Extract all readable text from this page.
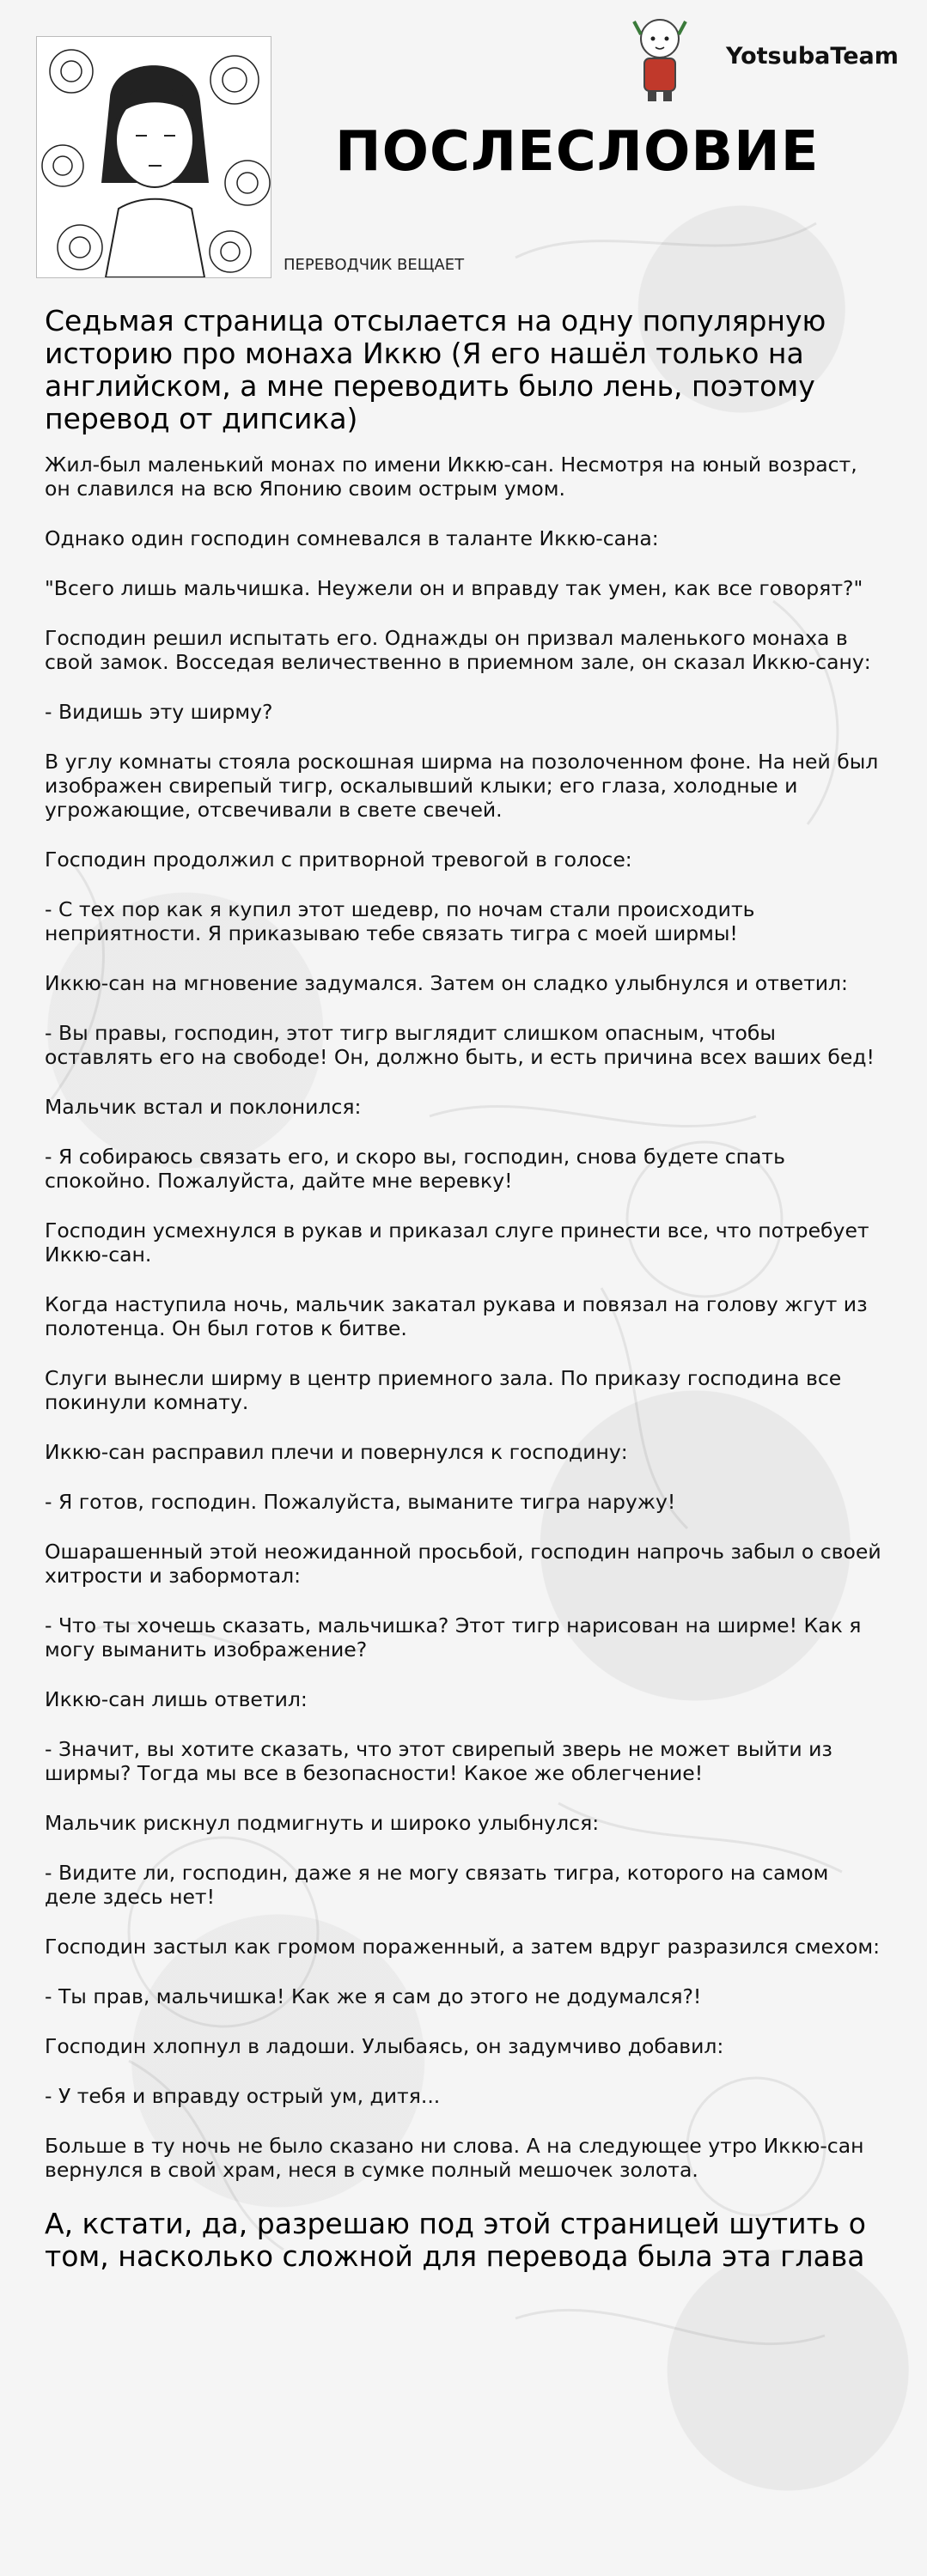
YotsubaTeam
ПОСЛЕСЛОВИЕ
ПЕРЕВОДЧИК ВЕЩАЕТ

Седьмая страница отсылается на одну популярную историю про монаха Иккю (Я его нашёл только на английском, а мне переводить было лень, поэтому перевод от дипсика)

Жил-был маленький монах по имени Иккю-сан. Несмотря на юный возраст, он славился на всю Японию своим острым умом.

Однако один господин сомневался в таланте Иккю-сана:

"Всего лишь мальчишка. Неужели он и вправду так умен, как все говорят?"

Господин решил испытать его. Однажды он призвал маленького монаха в свой замок. Восседая величественно в приемном зале, он сказал Иккю-сану:

- Видишь эту ширму?

В углу комнаты стояла роскошная ширма на позолоченном фоне. На ней был изображен свирепый тигр, оскалывший клыки; его глаза, холодные и угрожающие, отсвечивали в свете свечей.

Господин продолжил с притворной тревогой в голосе:

- С тех пор как я купил этот шедевр, по ночам стали происходить неприятности. Я приказываю тебе связать тигра с моей ширмы!

Иккю-сан на мгновение задумался. Затем он сладко улыбнулся и ответил:

- Вы правы, господин, этот тигр выглядит слишком опасным, чтобы оставлять его на свободе! Он, должно быть, и есть причина всех ваших бед!

Мальчик встал и поклонился:

- Я собираюсь связать его, и скоро вы, господин, снова будете спать спокойно. Пожалуйста, дайте мне веревку!

Господин усмехнулся в рукав и приказал слуге принести все, что потребует Иккю-сан.

Когда наступила ночь, мальчик закатал рукава и повязал на голову жгут из полотенца. Он был готов к битве.

Слуги вынесли ширму в центр приемного зала. По приказу господина все покинули комнату.

Иккю-сан расправил плечи и повернулся к господину:

- Я готов, господин. Пожалуйста, выманите тигра наружу!

Ошарашенный этой неожиданной просьбой, господин напрочь забыл о своей хитрости и забормотал:

- Что ты хочешь сказать, мальчишка? Этот тигр нарисован на ширме! Как я могу выманить изображение?

Иккю-сан лишь ответил:

- Значит, вы хотите сказать, что этот свирепый зверь не может выйти из ширмы? Тогда мы все в безопасности! Какое же облегчение!

Мальчик рискнул подмигнуть и широко улыбнулся:

- Видите ли, господин, даже я не могу связать тигра, которого на самом деле здесь нет!

Господин застыл как громом пораженный, а затем вдруг разразился смехом:

- Ты прав, мальчишка! Как же я сам до этого не додумался?!

Господин хлопнул в ладоши. Улыбаясь, он задумчиво добавил:

- У тебя и вправду острый ум, дитя...

Больше в ту ночь не было сказано ни слова. А на следующее утро Иккю-сан вернулся в свой храм, неся в сумке полный мешочек золота.

А, кстати, да, разрешаю под этой страницей шутить о том, насколько сложной для перевода была эта глава
